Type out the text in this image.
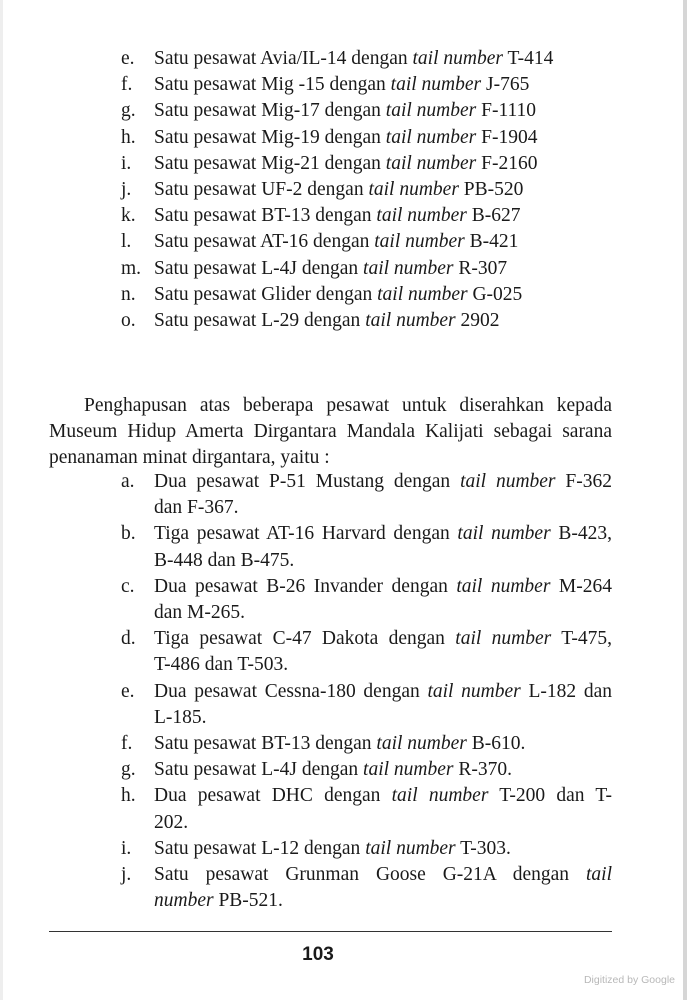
e. Satu pesawat Avia/IL-14 dengan tail number T-414
f. Satu pesawat Mig -15 dengan tail number J-765
g. Satu pesawat Mig-17 dengan tail number F-1110
h. Satu pesawat Mig-19 dengan tail number F-1904
i. Satu pesawat Mig-21 dengan tail number F-2160
j. Satu pesawat UF-2 dengan tail number PB-520
k. Satu pesawat BT-13 dengan tail number B-627
l. Satu pesawat AT-16 dengan tail number B-421
m. Satu pesawat L-4J dengan tail number R-307
n. Satu pesawat Glider dengan tail number G-025
o. Satu pesawat L-29 dengan tail number 2902
Penghapusan atas beberapa pesawat untuk diserahkan kepada
Museum Hidup Amerta Dirgantara Mandala Kalijati sebagai sarana
penanaman minat dirgantara, yaitu :
a. Dua pesawat P-51 Mustang dengan tail number F-362
dan F-367.
b. Tiga pesawat AT-16 Harvard dengan tail number B-423,
B-448 dan B-475.
c. Dua pesawat B-26 Invander dengan tail number M-264
dan M-265.
d. Tiga pesawat C-47 Dakota dengan tail number T-475,
T-486 dan T-503.
e. Dua pesawat Cessna-180 dengan tail number L-182 dan
L-185.
f. Satu pesawat BT-13 dengan tail number B-610.
g. Satu pesawat L-4J dengan tail number R-370.
h. Dua pesawat DHC dengan tail number T-200 dan T-
202.
i. Satu pesawat L-12 dengan tail number T-303.
j. Satu pesawat Grunman Goose G-21A dengan tail
number PB-521.
103
Digitized by Google
